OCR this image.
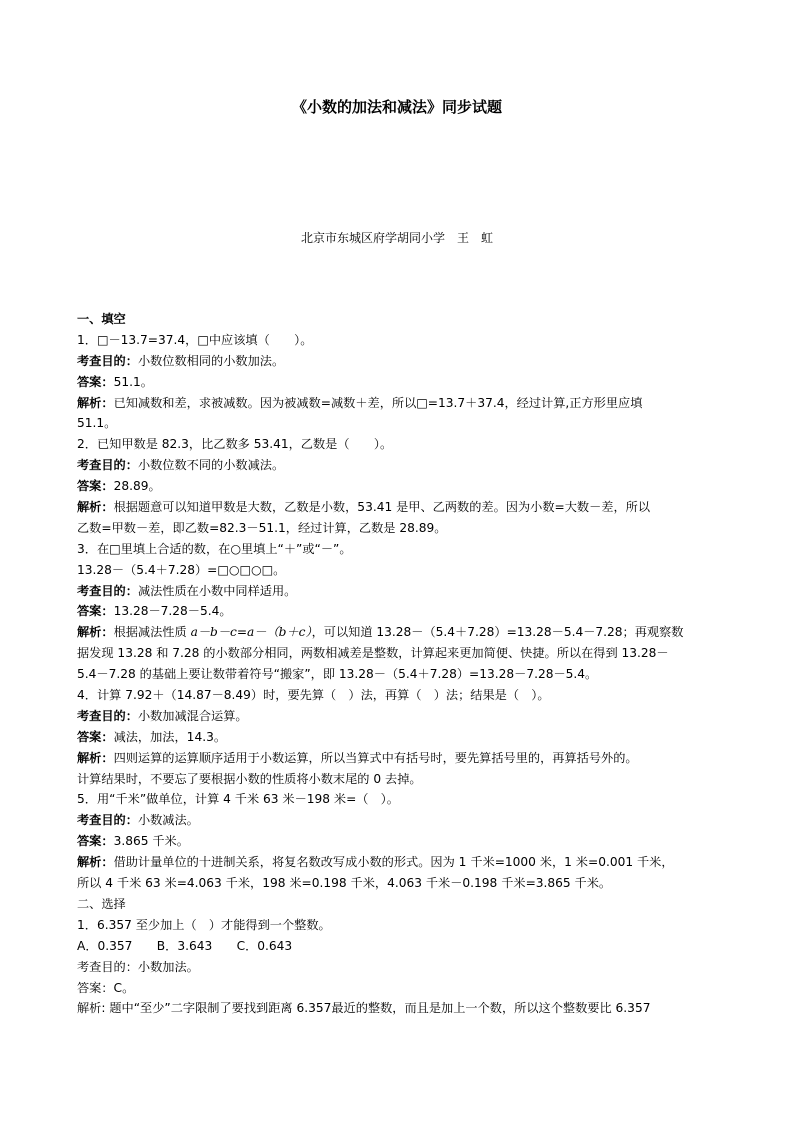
《小数的加法和减法》同步试题
北京市东城区府学胡同小学　王　虹
一、填空
1．□－13.7=37.4，□中应该填（　　）。
考查目的：小数位数相同的小数加法。
答案：51.1。
解析：已知减数和差，求被减数。因为被减数=减数＋差，所以□=13.7＋37.4，经过计算,正方形里应填
51.1。
2．已知甲数是 82.3，比乙数多 53.41，乙数是（　　）。
考查目的：小数位数不同的小数减法。
答案：28.89。
解析：根据题意可以知道甲数是大数，乙数是小数，53.41 是甲、乙两数的差。因为小数=大数－差，所以
乙数=甲数－差，即乙数=82.3－51.1，经过计算，乙数是 28.89。
3．在□里填上合适的数，在○里填上“＋”或“－”。
13.28－（5.4＋7.28）=□○□○□。
考查目的：减法性质在小数中同样适用。
答案：13.28－7.28－5.4。
解析：根据减法性质 a－b－c=a－（b＋c），可以知道 13.28－（5.4＋7.28）=13.28－5.4－7.28；再观察数
据发现 13.28 和 7.28 的小数部分相同，两数相减差是整数，计算起来更加简便、快捷。所以在得到 13.28－
5.4－7.28 的基础上要让数带着符号“搬家”，即 13.28－（5.4＋7.28）=13.28－7.28－5.4。
4．计算 7.92＋（14.87－8.49）时，要先算（　）法，再算（　）法；结果是（　）。
考查目的：小数加减混合运算。
答案：减法，加法，14.3。
解析：四则运算的运算顺序适用于小数运算，所以当算式中有括号时，要先算括号里的，再算括号外的。
计算结果时，不要忘了要根据小数的性质将小数末尾的 0 去掉。
5．用“千米”做单位，计算 4 千米 63 米－198 米=（　）。
考查目的：小数减法。
答案：3.865 千米。
解析：借助计量单位的十进制关系，将复名数改写成小数的形式。因为 1 千米=1000 米，1 米=0.001 千米，
所以 4 千米 63 米=4.063 千米，198 米=0.198 千米，4.063 千米－0.198 千米=3.865 千米。
二、选择
1．6.357 至少加上（　）才能得到一个整数。
A．0.357　　B．3.643　　C．0.643
考查目的：小数加法。
答案：C。
解析: 题中“至少”二字限制了要找到距离 6.357最近的整数，而且是加上一个数，所以这个整数要比 6.357
